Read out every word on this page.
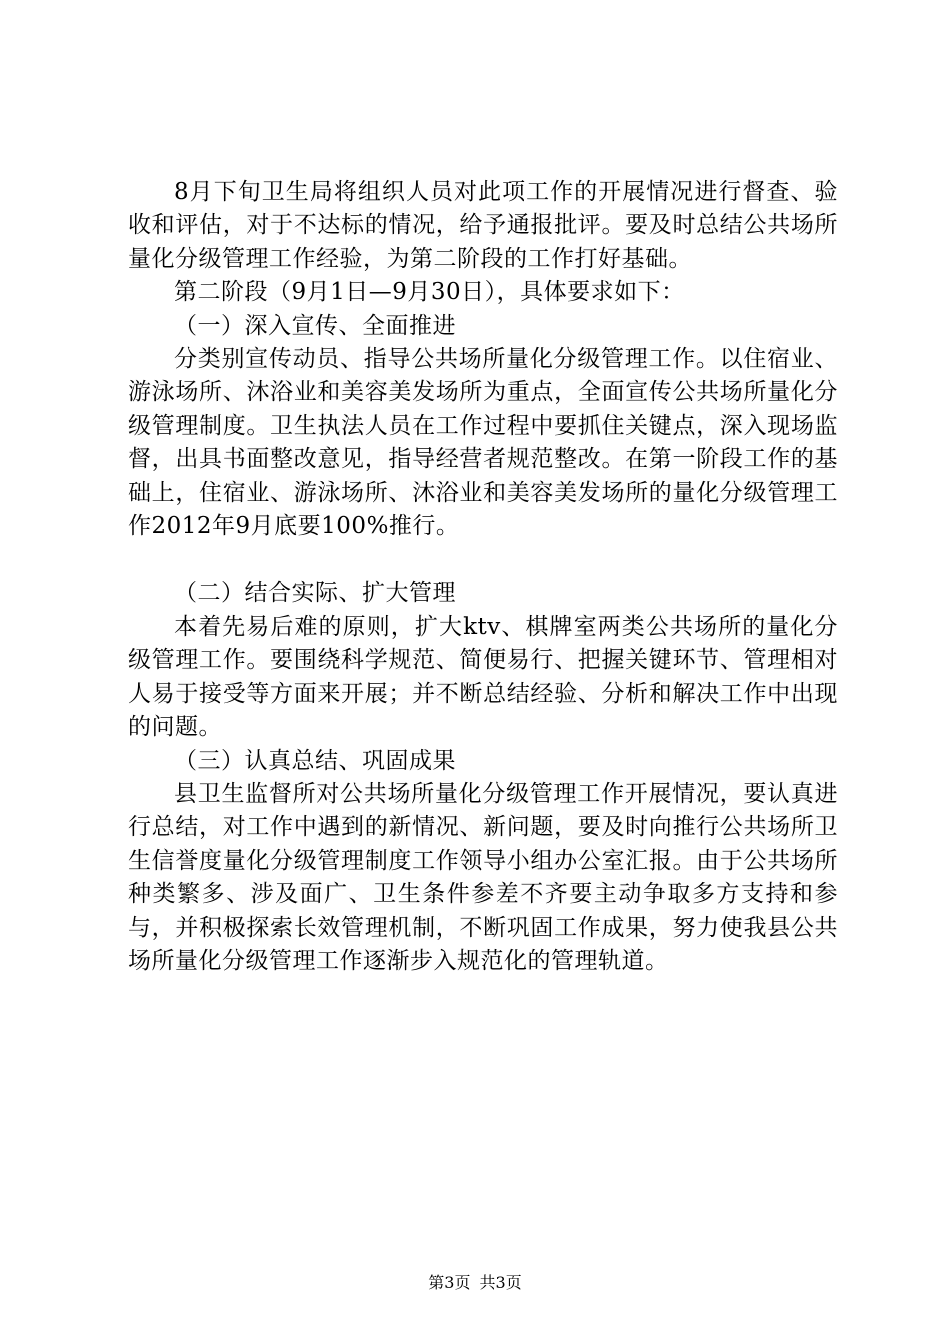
8月下旬卫生局将组织人员对此项工作的开展情况进行督查、验收和评估，对于不达标的情况，给予通报批评。要及时总结公共场所量化分级管理工作经验，为第二阶段的工作打好基础。

第二阶段（9月1日—9月30日），具体要求如下：

（一）深入宣传、全面推进

分类别宣传动员、指导公共场所量化分级管理工作。以住宿业、游泳场所、沐浴业和美容美发场所为重点，全面宣传公共场所量化分级管理制度。卫生执法人员在工作过程中要抓住关键点，深入现场监督，出具书面整改意见，指导经营者规范整改。在第一阶段工作的基础上，住宿业、游泳场所、沐浴业和美容美发场所的量化分级管理工作2012年9月底要100%推行。

（二）结合实际、扩大管理

本着先易后难的原则，扩大ktv、棋牌室两类公共场所的量化分级管理工作。要围绕科学规范、简便易行、把握关键环节、管理相对人易于接受等方面来开展；并不断总结经验、分析和解决工作中出现的问题。

（三）认真总结、巩固成果

县卫生监督所对公共场所量化分级管理工作开展情况，要认真进行总结，对工作中遇到的新情况、新问题，要及时向推行公共场所卫生信誉度量化分级管理制度工作领导小组办公室汇报。由于公共场所种类繁多、涉及面广、卫生条件参差不齐要主动争取多方支持和参与，并积极探索长效管理机制，不断巩固工作成果，努力使我县公共场所量化分级管理工作逐渐步入规范化的管理轨道。

第3页 共3页
